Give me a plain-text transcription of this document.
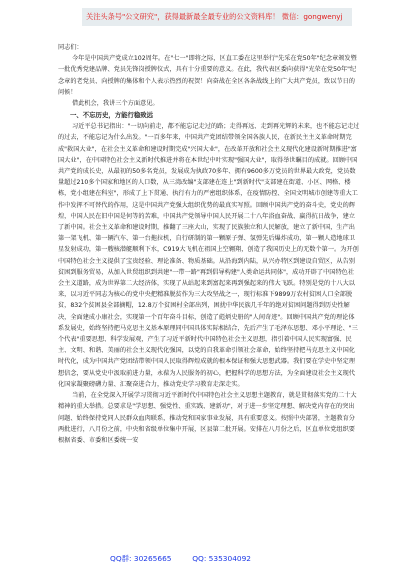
关注头条号"公文研究"，获得最新最全最专业的公文资料库！ 微信：gongwenyj
同志们：
今年是中国共产党成立102周年。在"七一"即将之际，区直工委在这里举行"先采在党50年"纪念章颁发暨一批优秀党建品牌、党员先锋岗授牌仪式，具有十分重要的意义。在此，我代表区委向获得"光荣在党50年"纪念章的老党员、向授牌的集体和个人表示热烈的祝贺！向奋战在全区各条战线上的广大共产党员，致以节日的问候！
借此机会，我讲三个方面意见。
一、不忘历史，方能行稳致远
习近平总书记指出："一切向前走，都不能忘记走过的路；走得再远、走到再光辉的未来，也不能忘记走过的过去，不能忘记为什么出发。"一百多年来，中国共产党团结带领全国各族人民，在新民主主义革命时期完成"救国大业"，在社会主义革命和建设时期完成"兴国大业"，在改革开放和社会主义现代化建设新时期推进"富国大业"，在中国特色社会主义新时代推进并将在本世纪中叶实现"强国大业"，取得举世瞩目的成就。回顾中国共产党的成长史，从最初的50多名党员，发展成为执政70多年、拥有9600多万党员的世界最大政党，党员数量超过210多个国家和地区的人口数，从三湾改编"支部建在连上"到新时代"支部建在街道、小区、网格、楼栋，党小组建在科室"，形成了上下贯通、执行有力的严密组织体系，在疫情防控、全国文明城市创建等重大工作中发挥不可替代的作用，这是中国共产党强大组织优势的最真实写照。回顾中国共产党的奋斗史，党史的辉煌，中国人民在旧中国是何等的苦难，中国共产党领导中国人民开展二十八年浴血奋战、赢得抗日战争，建立了新中国。社会主义革命和建设时期，推翻了三座大山，实现了民族独立和人民解放，建立了新中国，生产出第一架飞机、第一辆汽车、第一台拖拉机，自行研制的第一颗原子弹、氢弹先后爆炸成功，第一颗人造地球卫星发射成功，第一艘核潜艇顺利下水，C919大飞机在祖国上空翱翔，创造了我国历史上的无数个第一。为开创中国特色社会主义提供了宝贵经验、理论准备、物质基础。从沿海到内陆，从兴办特区到建设自贸区，从告别贫困到服务贸易，从加入世贸组织到共建"一带一路"再到倡导构建"人类命运共同体"，成功开辟了中国特色社会主义道路，成为世界第二大经济体，实现了从站起来到富起来再到强起来的伟大飞跃。特别是党的十八大以来，以习近平同志为核心的党中央把精准脱贫作为三大攻坚战之一，现行标准下9899万农村贫困人口全部脱贫，832个贫困县全部摘帽，12.8万个贫困村全部出列，困扰中华民族几千年的绝对贫困问题得到历史性解决，全面建成小康社会，实现第一个百年奋斗目标，创造了彪炳史册的"人间奇迹"。回顾中国共产党的理论体系发展史，始终坚持把马克思主义基本原理同中国具体实际相结合，先后产生了毛泽东思想、邓小平理论、"三个代表"重要思想、科学发展观，产生了习近平新时代中国特色社会主义思想，指引着中国人民实现富强、民主、文明、和谐、美丽的社会主义现代化强国，以党的自我革命引领社会革命，始终坚持把马克思主义中国化时代化，成为中国共产党团结带领中国人民取得辉煌成就的根本保证和强大思想武器。我们要在学史中坚定理想信念，要从党史中汲取前进力量，永葆为人民服务的初心，把握科学的思想方法，为全面建设社会主义现代化国家凝聚磅礴力量、汇聚奋进合力，推动党史学习教育走深走实。
当前，在全党深入开展学习贯彻习近平新时代中国特色社会主义思想主题教育，就是贯彻落实党的二十大精神的重大举措。总要求是"学思想、强党性、重实践、建新功"，对于进一步坚定理想、解决党内存在的突出问题、始终保持党同人民群众血肉联系，推动党和国家事业发展，具有重要意义。按照中央部署，主题教育分两批进行，八月份之前，中央和省级单位集中开展，区县第二批开展。安排在八月份之后，区直单位党组织要根据省委、市委和区委统一安
QQ群: 30265665	QQ: 535304092
